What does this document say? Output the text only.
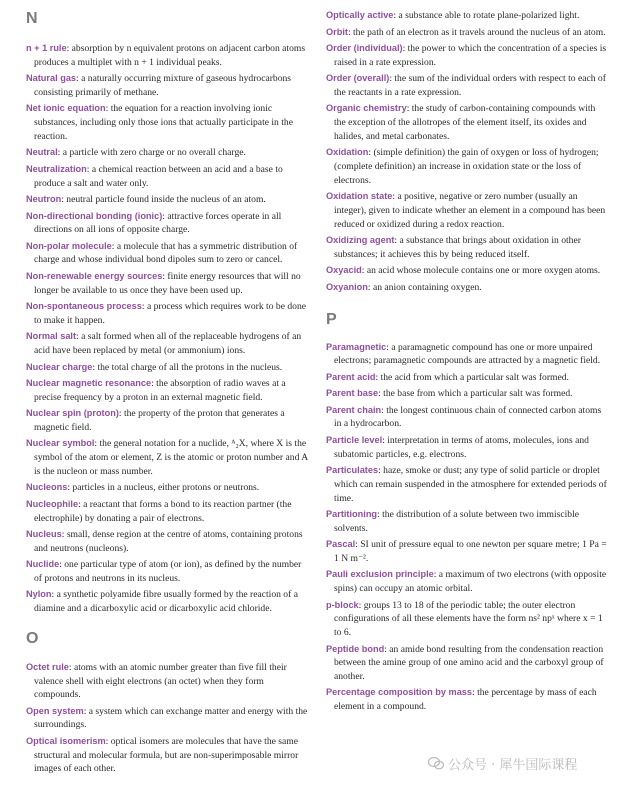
N

n + 1 rule: absorption by n equivalent protons on adjacent carbon atoms produces a multiplet with n + 1 individual peaks.

Natural gas: a naturally occurring mixture of gaseous hydrocarbons consisting primarily of methane.

Net ionic equation: the equation for a reaction involving ionic substances, including only those ions that actually participate in the reaction.

Neutral: a particle with zero charge or no overall charge.

Neutralization: a chemical reaction between an acid and a base to produce a salt and water only.

Neutron: neutral particle found inside the nucleus of an atom.

Non-directional bonding (ionic): attractive forces operate in all directions on all ions of opposite charge.

Non-polar molecule: a molecule that has a symmetric distribution of charge and whose individual bond dipoles sum to zero or cancel.

Non-renewable energy sources: finite energy resources that will no longer be available to us once they have been used up.

Non-spontaneous process: a process which requires work to be done to make it happen.

Normal salt: a salt formed when all of the replaceable hydrogens of an acid have been replaced by metal (or ammonium) ions.

Nuclear charge: the total charge of all the protons in the nucleus.

Nuclear magnetic resonance: the absorption of radio waves at a precise frequency by a proton in an external magnetic field.

Nuclear spin (proton): the property of the proton that generates a magnetic field.

Nuclear symbol: the general notation for a nuclide, ᴬ₂X, where X is the symbol of the atom or element, Z is the atomic or proton number and A is the nucleon or mass number.

Nucleons: particles in a nucleus, either protons or neutrons.

Nucleophile: a reactant that forms a bond to its reaction partner (the electrophile) by donating a pair of electrons.

Nucleus: small, dense region at the centre of atoms, containing protons and neutrons (nucleons).

Nuclide: one particular type of atom (or ion), as defined by the number of protons and neutrons in its nucleus.

Nylon: a synthetic polyamide fibre usually formed by the reaction of a diamine and a dicarboxylic acid or dicarboxylic acid chloride.

O

Octet rule: atoms with an atomic number greater than five fill their valence shell with eight electrons (an octet) when they form compounds.

Open system: a system which can exchange matter and energy with the surroundings.

Optical isomerism: optical isomers are molecules that have the same structural and molecular formula, but are non-superimposable mirror images of each other.

Optically active: a substance able to rotate plane-polarized light.

Orbit: the path of an electron as it travels around the nucleus of an atom.

Order (individual): the power to which the concentration of a species is raised in a rate expression.

Order (overall): the sum of the individual orders with respect to each of the reactants in a rate expression.

Organic chemistry: the study of carbon-containing compounds with the exception of the allotropes of the element itself, its oxides and halides, and metal carbonates.

Oxidation: (simple definition) the gain of oxygen or loss of hydrogen; (complete definition) an increase in oxidation state or the loss of electrons.

Oxidation state: a positive, negative or zero number (usually an integer), given to indicate whether an element in a compound has been reduced or oxidized during a redox reaction.

Oxidizing agent: a substance that brings about oxidation in other substances; it achieves this by being reduced itself.

Oxyacid: an acid whose molecule contains one or more oxygen atoms.

Oxyanion: an anion containing oxygen.

P

Paramagnetic: a paramagnetic compound has one or more unpaired electrons; paramagnetic compounds are attracted by a magnetic field.

Parent acid: the acid from which a particular salt was formed.

Parent base: the base from which a particular salt was formed.

Parent chain: the longest continuous chain of connected carbon atoms in a hydrocarbon.

Particle level: interpretation in terms of atoms, molecules, ions and subatomic particles, e.g. electrons.

Particulates: haze, smoke or dust; any type of solid particle or droplet which can remain suspended in the atmosphere for extended periods of time.

Partitioning: the distribution of a solute between two immiscible solvents.

Pascal: SI unit of pressure equal to one newton per square metre; 1 Pa = 1 N m⁻².

Pauli exclusion principle: a maximum of two electrons (with opposite spins) can occupy an atomic orbital.

p-block: groups 13 to 18 of the periodic table; the outer electron configurations of all these elements have the form ns² npˣ where x = 1 to 6.

Peptide bond: an amide bond resulting from the condensation reaction between the amine group of one amino acid and the carboxyl group of another.

Percentage composition by mass: the percentage by mass of each element in a compound.

公众号 · 犀牛国际课程
